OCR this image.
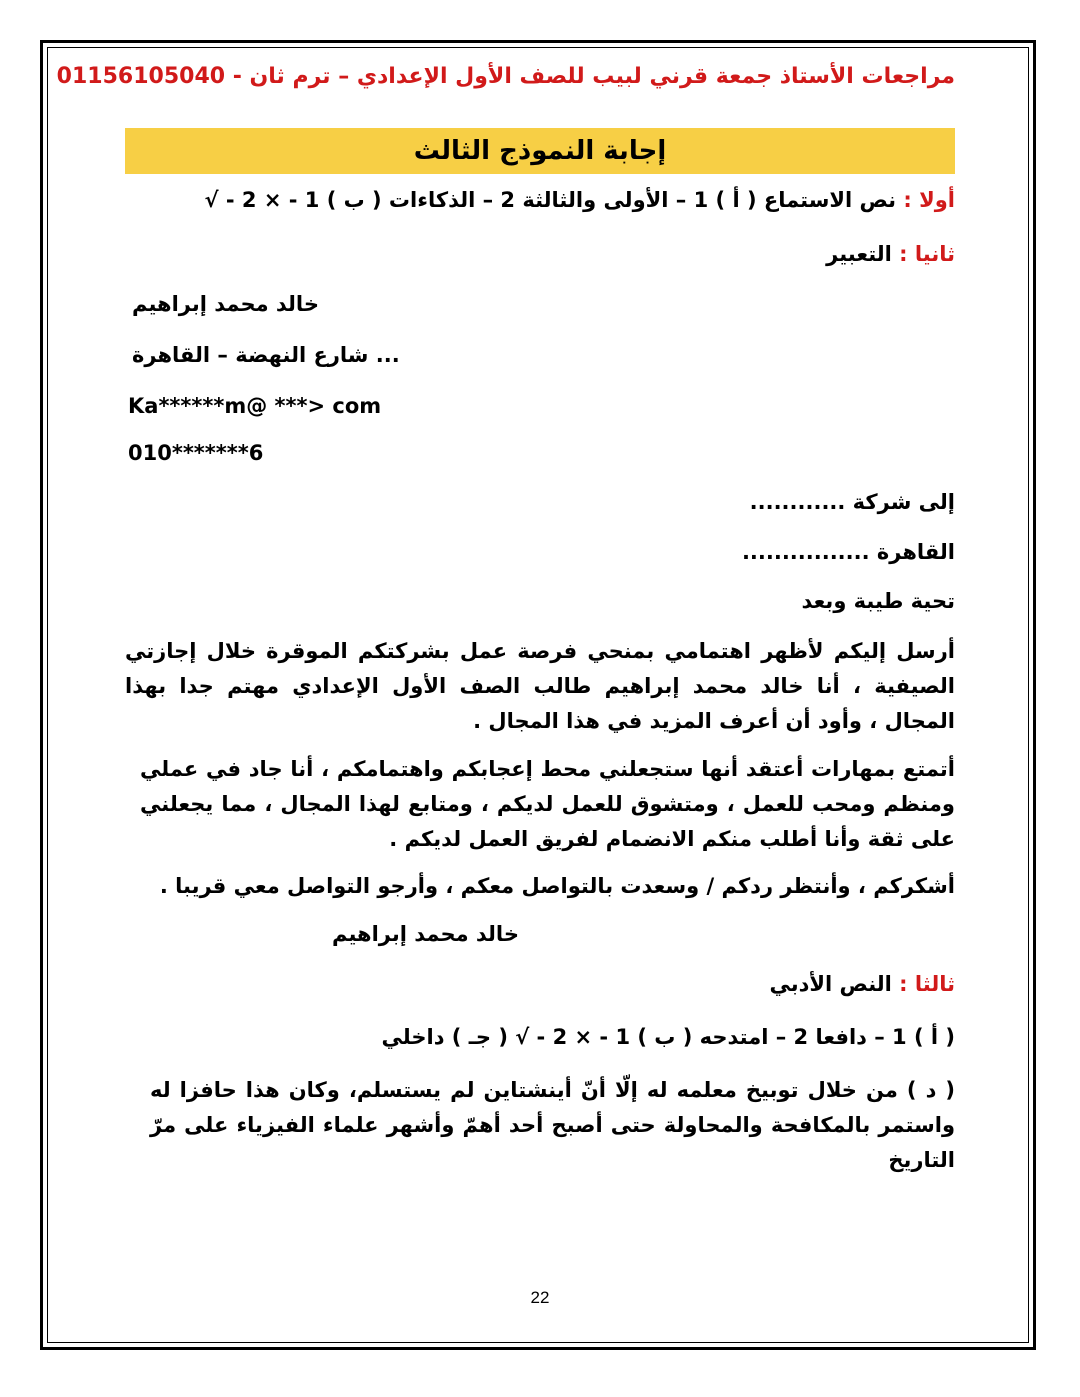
مراجعات الأستاذ جمعة قرني لبيب للصف الأول الإعدادي – ترم ثان - 01156105040
إجابة النموذج الثالث
أولا : نص الاستماع ( أ ) 1 – الأولى والثالثة 2 – الذكاءات ( ب ) 1 - × 2 - √
ثانيا : التعبير
خالد محمد إبراهيم
... شارع النهضة – القاهرة
Ka******m@ ***> com
010*******6
إلى شركة ............
القاهرة ................
تحية طيبة وبعد
أرسل إليكم لأظهر اهتمامي بمنحي فرصة عمل بشركتكم الموقرة خلال إجازتي الصيفية ، أنا خالد محمد إبراهيم طالب الصف الأول الإعدادي مهتم جدا بهذا المجال ، وأود أن أعرف المزيد في هذا المجال .
أتمتع بمهارات أعتقد أنها ستجعلني محط إعجابكم واهتمامكم ، أنا جاد في عملي ومنظم ومحب للعمل ، ومتشوق للعمل لديكم ، ومتابع لهذا المجال ، مما يجعلني على ثقة وأنا أطلب منكم الانضمام لفريق العمل لديكم .
أشكركم ، وأنتظر ردكم / وسعدت بالتواصل معكم ، وأرجو التواصل معي قريبا .
خالد محمد إبراهيم
ثالثا : النص الأدبي
( أ ) 1 – دافعا 2 – امتدحه ( ب ) 1 - × 2 - √ ( جـ ) داخلي
( د ) من خلال توبيخ معلمه له إلّا أنّ أينشتاين لم يستسلم، وكان هذا حافزا له واستمر بالمكافحة والمحاولة حتى أصبح أحد أهمّ وأشهر علماء الفيزياء على مرّ التاريخ
22
